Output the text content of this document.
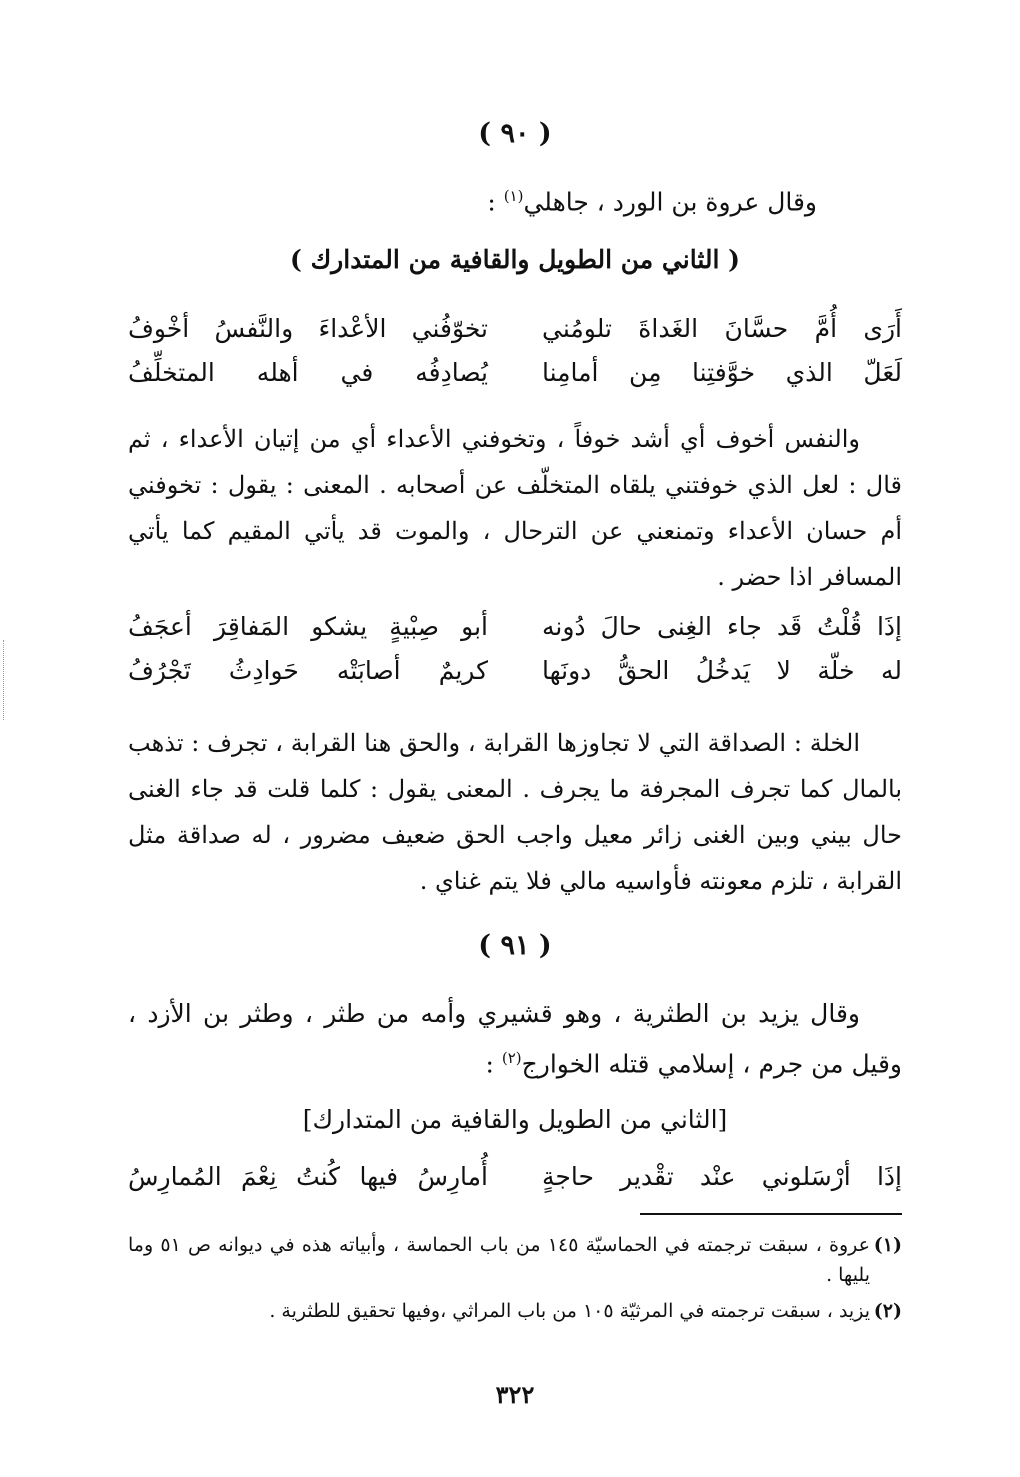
( ٩٠ )
وقال عروة بن الورد ، جاهلي$^{(١)}$ :
( الثاني من الطويل والقافية من المتدارك )
أَرَى أُمَّ حسَّانَ الغَداةَ تلومُني
تخوّفُني الأعْداءَ والنَّفسُ أخْوفُ
لَعَلّ الذي خوَّفتِنا مِن أمامِنا
يُصادِفُه في أهله المتخلِّفُ

والنفس أخوف أي أشد خوفاً ، وتخوفني الأعداء أي من إتيان الأعداء ، ثم قال : لعل الذي خوفتني يلقاه المتخلّف عن أصحابه . المعنى : يقول : تخوفني أم حسان الأعداء وتمنعني عن الترحال ، والموت قد يأتي المقيم كما يأتي المسافر اذا حضر .

إذَا قُلْتُ قَد جاء الغِنى حالَ دُونه
أبو صِبْيةٍ يشكو المَفاقِرَ أعجَفُ
له خلّة لا يَدخُلُ الحقُّ دونَها
كريمٌ أصابَتْه حَوادِثُ تَجْرُفُ

الخلة : الصداقة التي لا تجاوزها القرابة ، والحق هنا القرابة ، تجرف : تذهب بالمال كما تجرف المجرفة ما يجرف . المعنى يقول : كلما قلت قد جاء الغنى حال بيني وبين الغنى زائر معيل واجب الحق ضعيف مضرور ، له صداقة مثل القرابة ، تلزم معونته فأواسيه مالي فلا يتم غناي .

( ٩١ )
وقال يزيد بن الطثرية ، وهو قشيري وأمه من طثر ، وطثر بن الأزد ، وقيل من جرم ، إسلامي قتله الخوارج$^{(٢)}$ :
[الثاني من الطويل والقافية من المتدارك]
إذَا أرْسَلوني عنْد تقْدير حاجةٍ
أُمارِسُ فيها كُنتُ نِعْمَ المُمارِسُ
(١)
عروة ، سبقت ترجمته في الحماسيّة ١٤٥ من باب الحماسة ، وأبياته هذه في ديوانه ص ٥١ وما يليها .
(٢)
يزيد ، سبقت ترجمته في المرثيّة ١٠٥ من باب المراثي ،وفيها تحقيق للطثرية .
٣٢٢
